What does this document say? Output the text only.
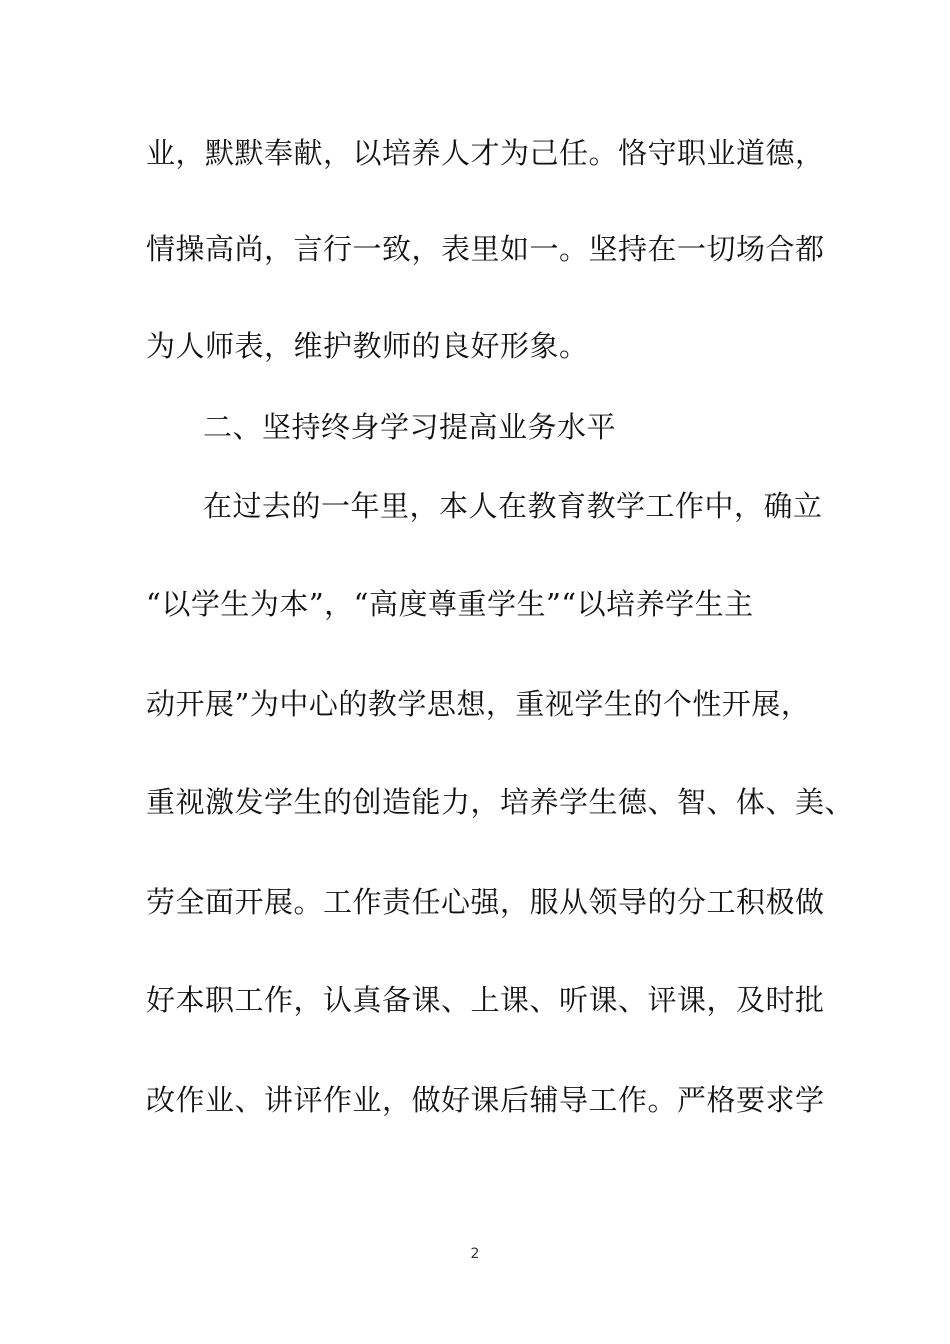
业，默默奉献，以培养人才为己任。恪守职业道德，
情操高尚，言行一致，表里如一。坚持在一切场合都
为人师表，维护教师的良好形象。
二、坚持终身学习提高业务水平
在过去的一年里，本人在教育教学工作中，确立
“以学生为本”，“高度尊重学生”“以培养学生主
动开展”为中心的教学思想，重视学生的个性开展，
重视激发学生的创造能力，培养学生德、智、体、美、
劳全面开展。工作责任心强，服从领导的分工积极做
好本职工作，认真备课、上课、听课、评课，及时批
改作业、讲评作业，做好课后辅导工作。严格要求学
2
